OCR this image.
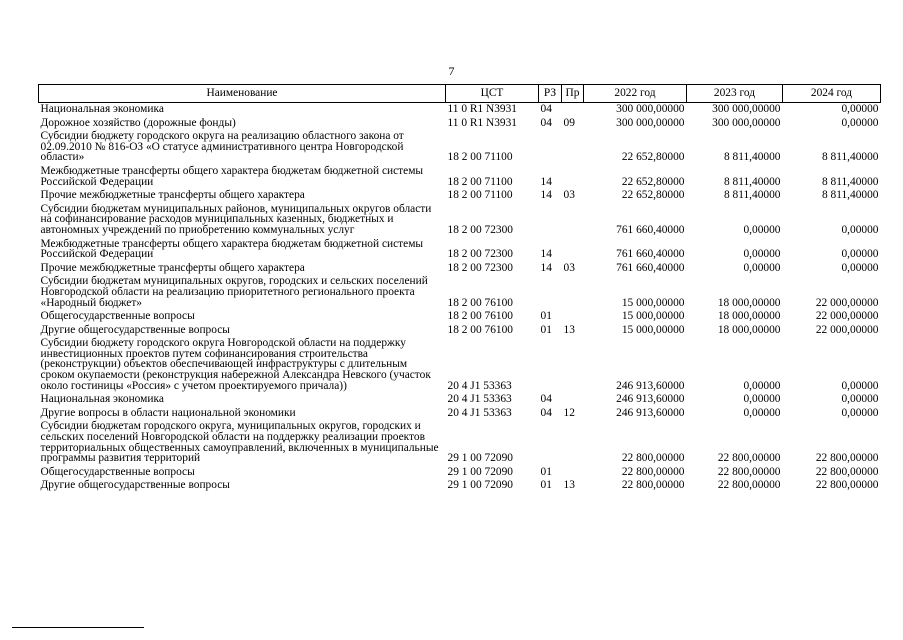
7
Наименование	ЦСТ	РЗ	Пр	2022 год	2023 год	2024 год
Национальная экономика	11 0 R1 N3931	04		300 000,00000	300 000,00000	0,00000
Дорожное хозяйство (дорожные фонды)	11 0 R1 N3931	04	09	300 000,00000	300 000,00000	0,00000
Субсидии бюджету городского округа на реализацию областного закона от 02.09.2010 № 816-ОЗ «О статусе административного центра Новгородской области»	18 2 00 71100			22 652,80000	8 811,40000	8 811,40000
Межбюджетные трансферты общего характера бюджетам бюджетной системы Российской Федерации	18 2 00 71100	14		22 652,80000	8 811,40000	8 811,40000
Прочие межбюджетные трансферты общего характера	18 2 00 71100	14	03	22 652,80000	8 811,40000	8 811,40000
Субсидии бюджетам муниципальных районов, муниципальных округов области на софинансирование расходов муниципальных казенных, бюджетных и автономных учреждений по приобретению коммунальных услуг	18 2 00 72300			761 660,40000	0,00000	0,00000
Межбюджетные трансферты общего характера бюджетам бюджетной системы Российской Федерации	18 2 00 72300	14		761 660,40000	0,00000	0,00000
Прочие межбюджетные трансферты общего характера	18 2 00 72300	14	03	761 660,40000	0,00000	0,00000
Субсидии бюджетам муниципальных округов, городских и сельских поселений Новгородской области на реализацию приоритетного регионального проекта «Народный бюджет»	18 2 00 76100			15 000,00000	18 000,00000	22 000,00000
Общегосударственные вопросы	18 2 00 76100	01		15 000,00000	18 000,00000	22 000,00000
Другие общегосударственные вопросы	18 2 00 76100	01	13	15 000,00000	18 000,00000	22 000,00000
Субсидии бюджету городского округа Новгородской области на поддержку инвестиционных проектов путем софинансирования строительства (реконструкции) объектов обеспечивающей инфраструктуры с длительным сроком окупаемости (реконструкция набережной Александра Невского (участок около гостиницы «Россия» с учетом проектируемого причала))	20 4 J1 53363			246 913,60000	0,00000	0,00000
Национальная экономика	20 4 J1 53363	04		246 913,60000	0,00000	0,00000
Другие вопросы в области национальной экономики	20 4 J1 53363	04	12	246 913,60000	0,00000	0,00000
Субсидии бюджетам городского округа, муниципальных округов, городских и сельских поселений Новгородской области на поддержку реализации проектов территориальных общественных самоуправлений, включенных в муниципальные программы развития территорий	29 1 00 72090			22 800,00000	22 800,00000	22 800,00000
Общегосударственные вопросы	29 1 00 72090	01		22 800,00000	22 800,00000	22 800,00000
Другие общегосударственные вопросы	29 1 00 72090	01	13	22 800,00000	22 800,00000	22 800,00000
